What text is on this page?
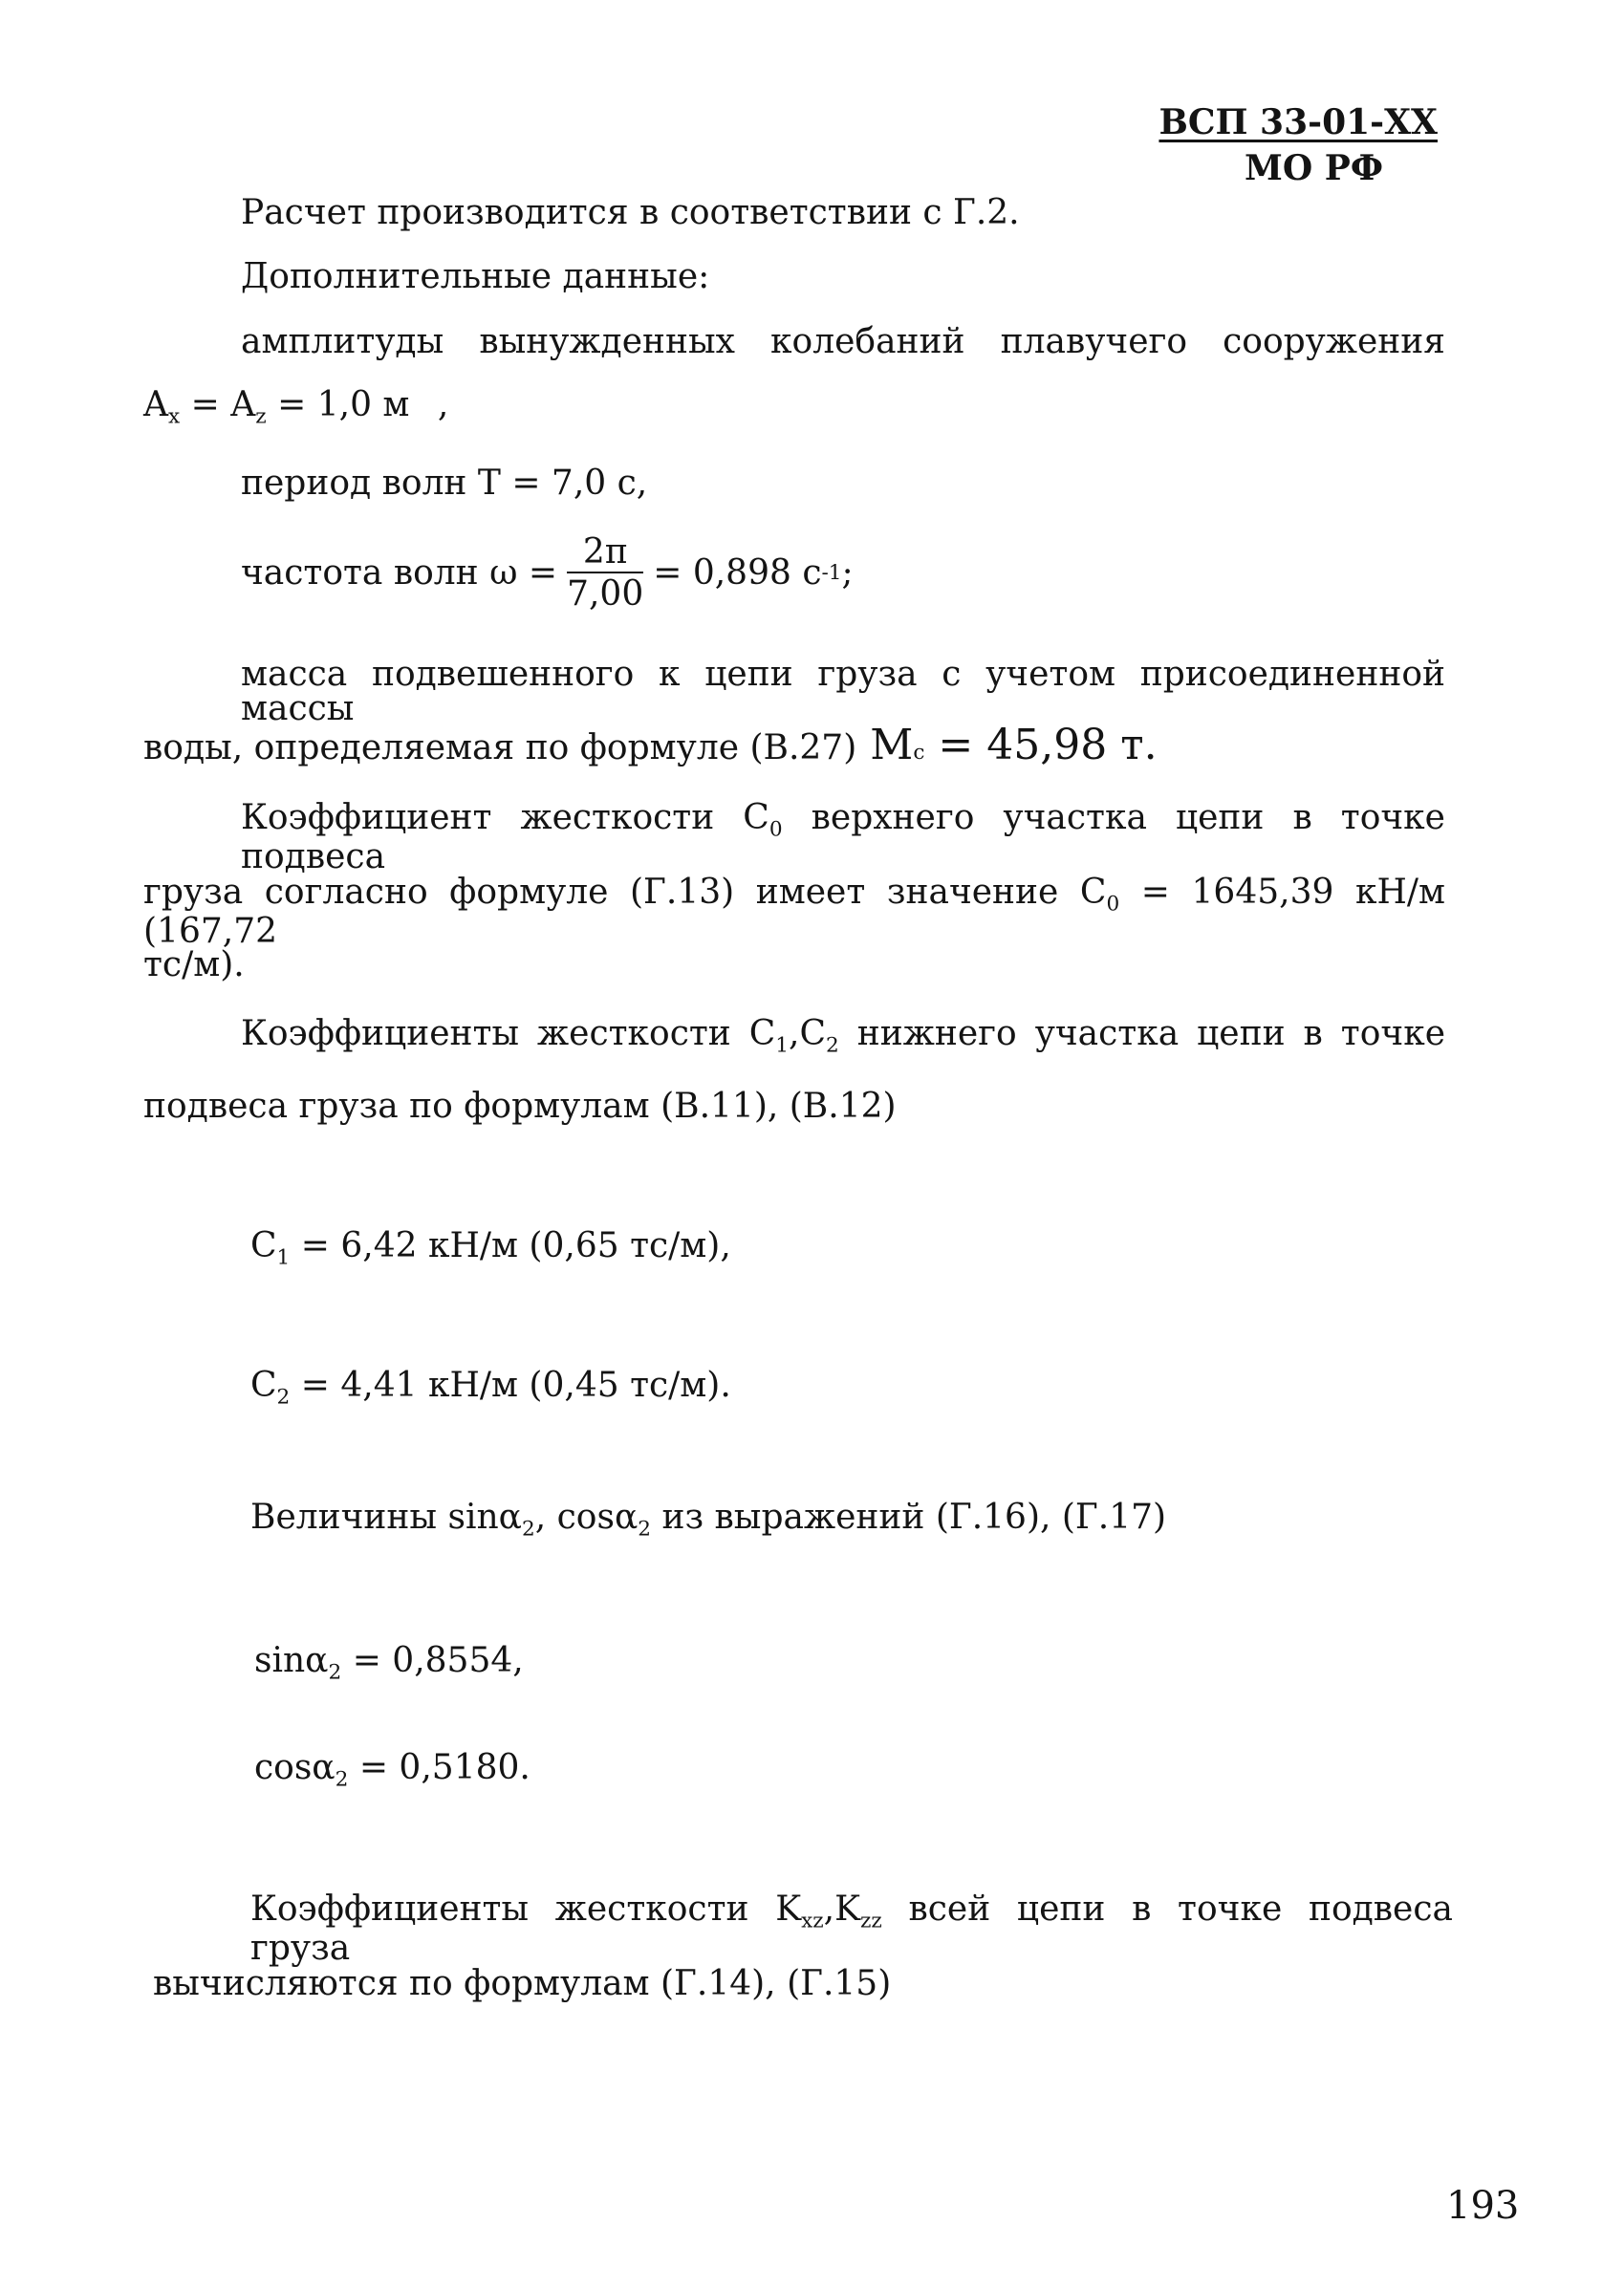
ВСП 33-01-ХХ
МО РФ
Расчет производится в соответствии с Г.2.
Дополнительные данные:
амплитуды вынужденных колебаний плавучего сооружения
$A_x = A_z = 1,0$ м ,
период волн Т = 7,0 с,
частота волн $\omega = \frac{2\pi}{7,00} = 0,898$ с -1 ;
масса подвешенного к цепи груза с учетом присоединенной массы
воды, определяемая по формуле (В.27) $M_c = 45,98$ т.
Коэффициент жесткости $C_0$ верхнего участка цепи в точке подвеса
груза согласно формуле (Г.13) имеет значение $C_0 = 1645,39$ кН/м (167,72
тс/м).
Коэффициенты жесткости $C_1,C_2$ нижнего участка цепи в точке
подвеса груза по формулам (В.11), (В.12)
$C_1 = 6,42$ кН/м (0,65 тс/м),
$C_2 = 4,41$ кН/м (0,45 тс/м).
Величины sinα$_2$, cosα$_2$ из выражений (Г.16), (Г.17)
sinα$_2$ = 0,8554,
cosα$_2$ = 0,5180.
Коэффициенты жесткости $K_{xz},K_{zz}$ всей цепи в точке подвеса груза
вычисляются по формулам (Г.14), (Г.15)
193
